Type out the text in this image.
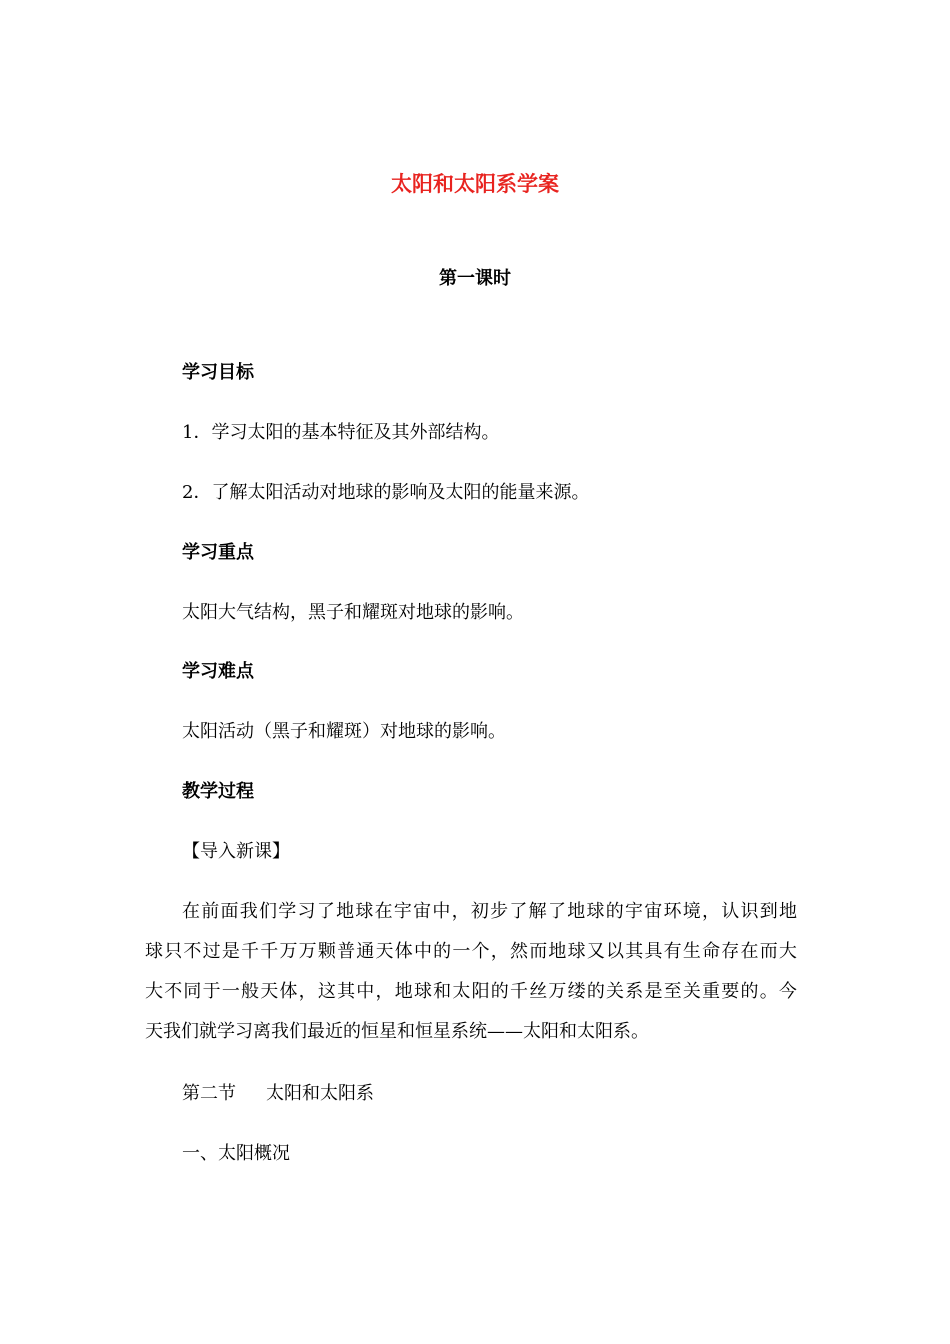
太阳和太阳系学案
第一课时
学习目标
1．学习太阳的基本特征及其外部结构。
2．了解太阳活动对地球的影响及太阳的能量来源。
学习重点
太阳大气结构，黑子和耀斑对地球的影响。
学习难点
太阳活动（黑子和耀斑）对地球的影响。
教学过程
【导入新课】
在前面我们学习了地球在宇宙中，初步了解了地球的宇宙环境，认识到地
球只不过是千千万万颗普通天体中的一个，然而地球又以其具有生命存在而大
大不同于一般天体，这其中，地球和太阳的千丝万缕的关系是至关重要的。今
天我们就学习离我们最近的恒星和恒星系统——太阳和太阳系。
第二节 太阳和太阳系
一、太阳概况
